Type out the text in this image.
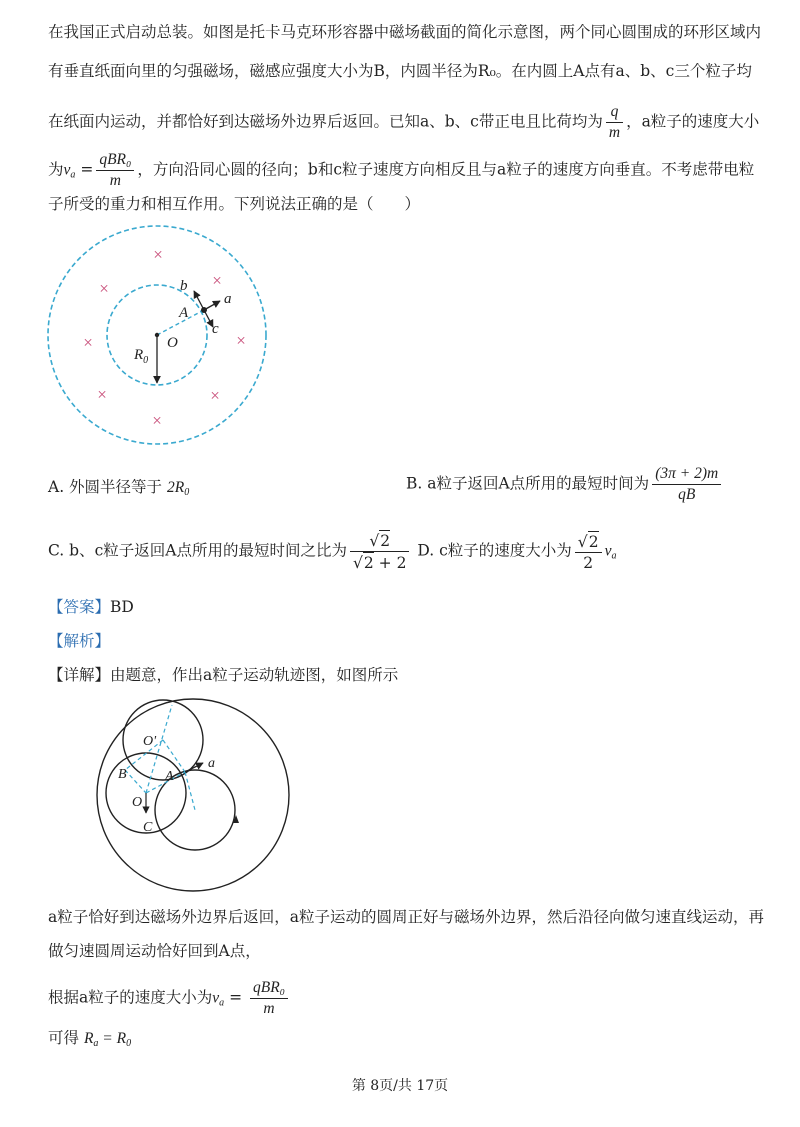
在我国正式启动总装。如图是托卡马克环形容器中磁场截面的简化示意图，两个同心圆围成的环形区域内
有垂直纸面向里的匀强磁场，磁感应强度大小为B，内圆半径为R₀。在内圆上A点有a、b、c三个粒子均
在纸面内运动，并都恰好到达磁场外边界后返回。已知a、b、c带正电且比荷均为 $\frac{q}{m}$ ，a粒子的速度大小
为$v_a = \frac{\text{qBR₀}}{m}$ ，方向沿同心圆的径向；b和c粒子速度方向相反且与a粒子的速度方向垂直。不考虑带电粒
子所受的重力和相互作用。下列说法正确的是（　　）
×
×	×
×	×
×	×
×
b
a
A
c
O
$R_0$
A. 外圆半径等于 $2R_0$	B. a粒子返回A点所用的最短时间为 $\frac{(3\pi + 2)m}{qB}$
C. b、c粒子返回A点所用的最短时间之比为 $\frac{√2}{√2 + 2} D$. c粒子的速度大小为 $\frac{√2}{2} v_a$
【答案】BD
【解析】
【详解】由题意，作出a粒子运动轨迹图，如图所示
O'
B	A
a
O
C
a粒子恰好到达磁场外边界后返回，a粒子运动的圆周正好与磁场外边界，然后沿径向做匀速直线运动，再
做匀速圆周运动恰好回到A点，
根据a粒子的速度大小为$v_a = \frac{\text{qBR₀}}{m}$
可得 $R_a = R_0$
第 8页/共 17页
